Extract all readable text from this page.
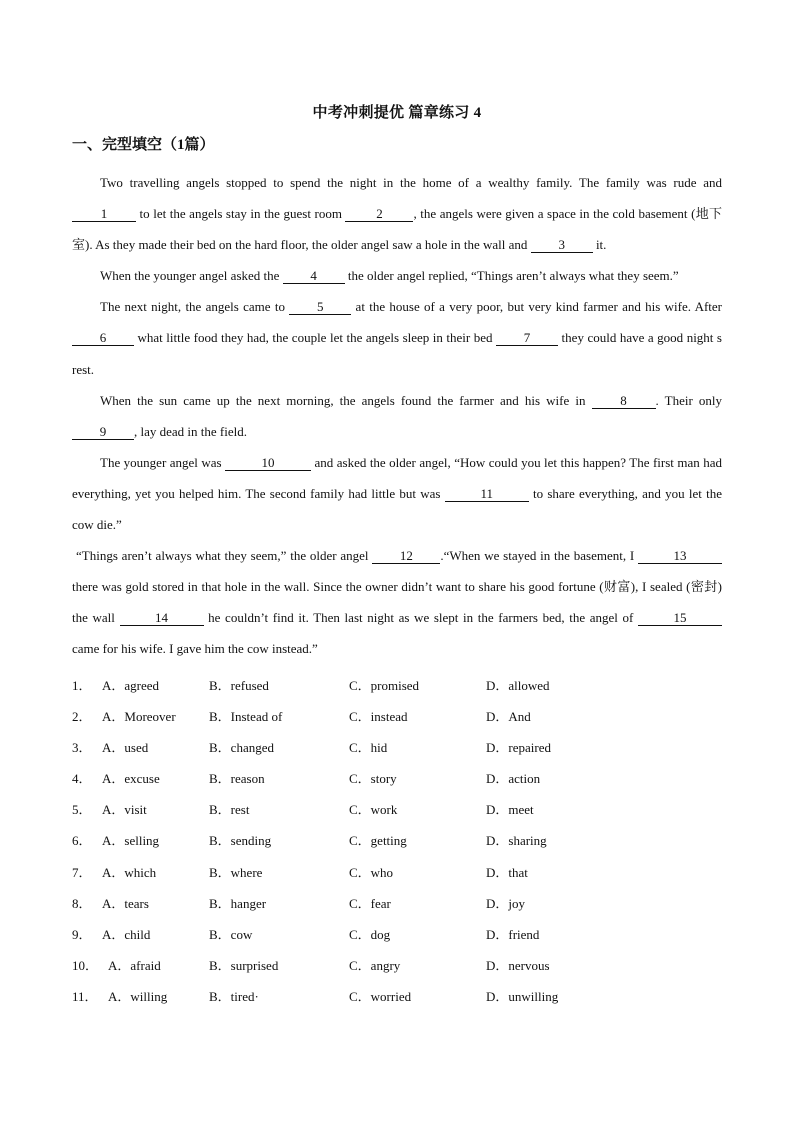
中考冲刺提优 篇章练习 4
一、完型填空（1篇）

Two travelling angels stopped to spend the night in the home of a wealthy family. The family was rude and 1 to let the angels stay in the guest room 2 , the angels were given a space in the cold basement (地下室). As they made their bed on the hard floor, the older angel saw a hole in the wall and 3 it.

When the younger angel asked the 4 the older angel replied, “Things aren’t always what they seem.”

The next night, the angels came to 5 at the house of a very poor, but very kind farmer and his wife. After 6 what little food they had, the couple let the angels sleep in their bed 7 they could have a good night s rest.

When the sun came up the next morning, the angels found the farmer and his wife in 8 . Their only 9 , lay dead in the field.

The younger angel was	10	and asked the older angel, “How could you let this happen? The first man had everything, yet you helped him. The second family had little but was	11	to share everything, and you let the cow die.”

“Things aren’t always what they seem,” the older angel 12 .“When we stayed in the basement, I	13 there was gold stored in that hole in the wall. Since the owner didn’t want to share his good fortune (财富), I sealed (密封) the wall	14	he couldn’t find it. Then last night as we slept in the farmers bed, the angel of	15 came for his wife. I gave him the cow instead.”

1． A．agreed	B．refused	C．promised	D．allowed
2． A．Moreover	B．Instead of	C．instead	D．And
3． A．used	B．changed	C．hid	D．repaired
4． A．excuse	B．reason	C．story	D．action
5． A．visit	B．rest	C．work	D．meet
6． A．selling	B．sending	C．getting	D．sharing
7． A．which	B．where	C．who	D．that
8． A．tears	B．hanger	C．fear	D．joy
9． A．child	B．cow	C．dog	D．friend
10． A．afraid	B．surprised	C．angry	D．nervous
11． A．willing	B．tired·	C．worried	D．unwilling
